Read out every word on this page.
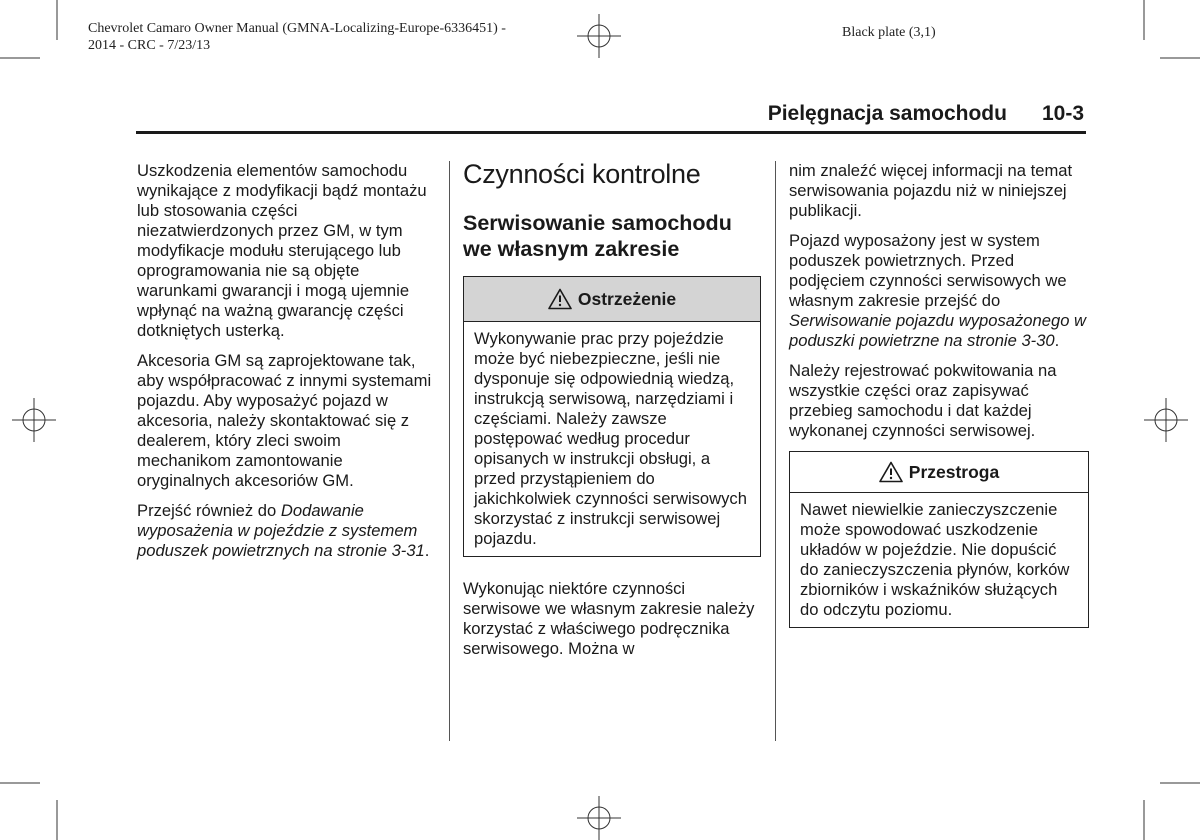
Chevrolet Camaro Owner Manual (GMNA-Localizing-Europe-6336451) -
2014 - CRC - 7/23/13
Black plate (3,1)
Pielęgnacja samochodu 10-3

Uszkodzenia elementów samochodu wynikające z modyfikacji bądź montażu lub stosowania części niezatwierdzonych przez GM, w tym modyfikacje modułu sterującego lub oprogramowania nie są objęte warunkami gwarancji i mogą ujemnie wpłynąć na ważną gwarancję części dotkniętych usterką.

Akcesoria GM są zaprojektowane tak, aby współpracować z innymi systemami pojazdu. Aby wyposażyć pojazd w akcesoria, należy skontaktować się z dealerem, który zleci swoim mechanikom zamontowanie oryginalnych akcesoriów GM.

Przejść również do Dodawanie wyposażenia w pojeździe z systemem poduszek powietrznych na stronie 3-31.

Czynności kontrolne
Serwisowanie samochodu we własnym zakresie
Ostrzeżenie
Wykonywanie prac przy pojeździe może być niebezpieczne, jeśli nie dysponuje się odpowiednią wiedzą, instrukcją serwisową, narzędziami i częściami. Należy zawsze postępować według procedur opisanych w instrukcji obsługi, a przed przystąpieniem do jakichkolwiek czynności serwisowych skorzystać z instrukcji serwisowej pojazdu.

Wykonując niektóre czynności serwisowe we własnym zakresie należy korzystać z właściwego podręcznika serwisowego. Można w

nim znaleźć więcej informacji na temat serwisowania pojazdu niż w niniejszej publikacji.

Pojazd wyposażony jest w system poduszek powietrznych. Przed podjęciem czynności serwisowych we własnym zakresie przejść do Serwisowanie pojazdu wyposażonego w poduszki powietrzne na stronie 3-30.

Należy rejestrować pokwitowania na wszystkie części oraz zapisywać przebieg samochodu i dat każdej wykonanej czynności serwisowej.

Przestroga
Nawet niewielkie zanieczyszczenie może spowodować uszkodzenie układów w pojeździe. Nie dopuścić do zanieczyszczenia płynów, korków zbiorników i wskaźników służących do odczytu poziomu.
